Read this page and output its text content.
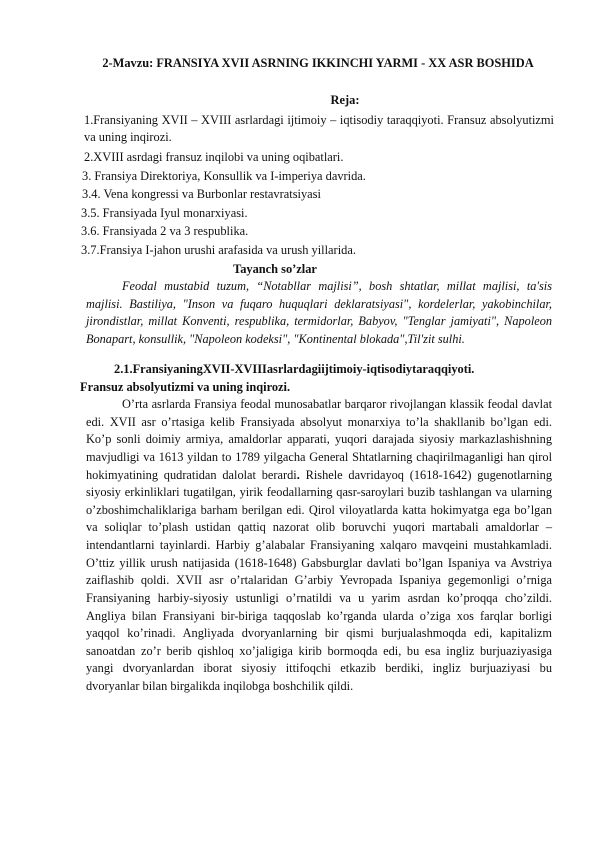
2-Mavzu: FRANSIYA XVII ASRNING IKKINCHI YARMI - XX ASR BOSHIDA
Reja:
1.Fransiyaning XVII – XVIII asrlardagi ijtimoiy – iqtisodiy taraqqiyoti. Fransuz absolyutizmi va uning inqirozi.
2.XVIII asrdagi fransuz inqilobi va uning oqibatlari.
3. Fransiya Direktoriya, Konsullik va I-imperiya davrida.
3.4. Vena kongressi va Burbonlar restavratsiyasi
3.5. Fransiyada Iyul monarxiyasi.
3.6. Fransiyada 2 va 3 respublika.
3.7.Fransiya I-jahon urushi arafasida va urush yillarida.
Tayanch so’zlar

Feodal mustabid tuzum, “Notabllar majlisi”, bosh shtatlar, millat majlisi, ta'sis majlisi. Bastiliya, "Inson va fuqaro huquqlari deklaratsiyasi", kordelerlar, yakobinchilar, jirondistlar, millat Konventi, respublika, termidorlar, Babyov, "Tenglar jamiyati", Napoleon Bonapart, konsullik, "Napoleon kodeksi", "Kontinental blokada",Til'zit sulhi.

2.1.FransiyaningXVII-XVIIIasrlardagiijtimoiy-iqtisodiytaraqqiyoti.
Fransuz absolyutizmi va uning inqirozi.

O’rta asrlarda Fransiya feodal munosabatlar barqaror rivojlangan klassik feodal davlat edi. XVII asr o’rtasiga kelib Fransiyada absolyut monarxiya to’la shakllanib bo’lgan edi. Ko’p sonli doimiy armiya, amaldorlar apparati, yuqori darajada siyosiy markazlashishning mavjudligi va 1613 yildan to 1789 yilgacha General Shtatlarning chaqirilmaganligi han qirol hokimyatining qudratidan dalolat berardi. Rishele davridayoq (1618-1642) gugenotlarning siyosiy erkinliklari tugatilgan, yirik feodallarning qasr-saroylari buzib tashlangan va ularning o’zboshimchaliklariga barham berilgan edi. Qirol viloyatlarda katta hokimyatga ega bo’lgan va soliqlar to’plash ustidan qattiq nazorat olib boruvchi yuqori martabali amaldorlar – intendantlarni tayinlardi. Harbiy g’alabalar Fransiyaning xalqaro mavqeini mustahkamladi. O’ttiz yillik urush natijasida (1618-1648) Gabsburglar davlati bo’lgan Ispaniya va Avstriya zaiflashib qoldi. XVII asr o’rtalaridan G’arbiy Yevropada Ispaniya gegemonligi o’rniga Fransiyaning harbiy-siyosiy ustunligi o’rnatildi va u yarim asrdan ko’proqqa cho’zildi. Angliya bilan Fransiyani bir-biriga taqqoslab ko’rganda ularda o’ziga xos farqlar borligi yaqqol ko’rinadi. Angliyada dvoryanlarning bir qismi burjualashmoqda edi, kapitalizm sanoatdan zo’r berib qishloq xo’jaligiga kirib bormoqda edi, bu esa ingliz burjuaziyasiga yangi dvoryanlardan iborat siyosiy ittifoqchi etkazib berdiki, ingliz burjuaziyasi bu dvoryanlar bilan birgalikda inqilobga boshchilik qildi.
